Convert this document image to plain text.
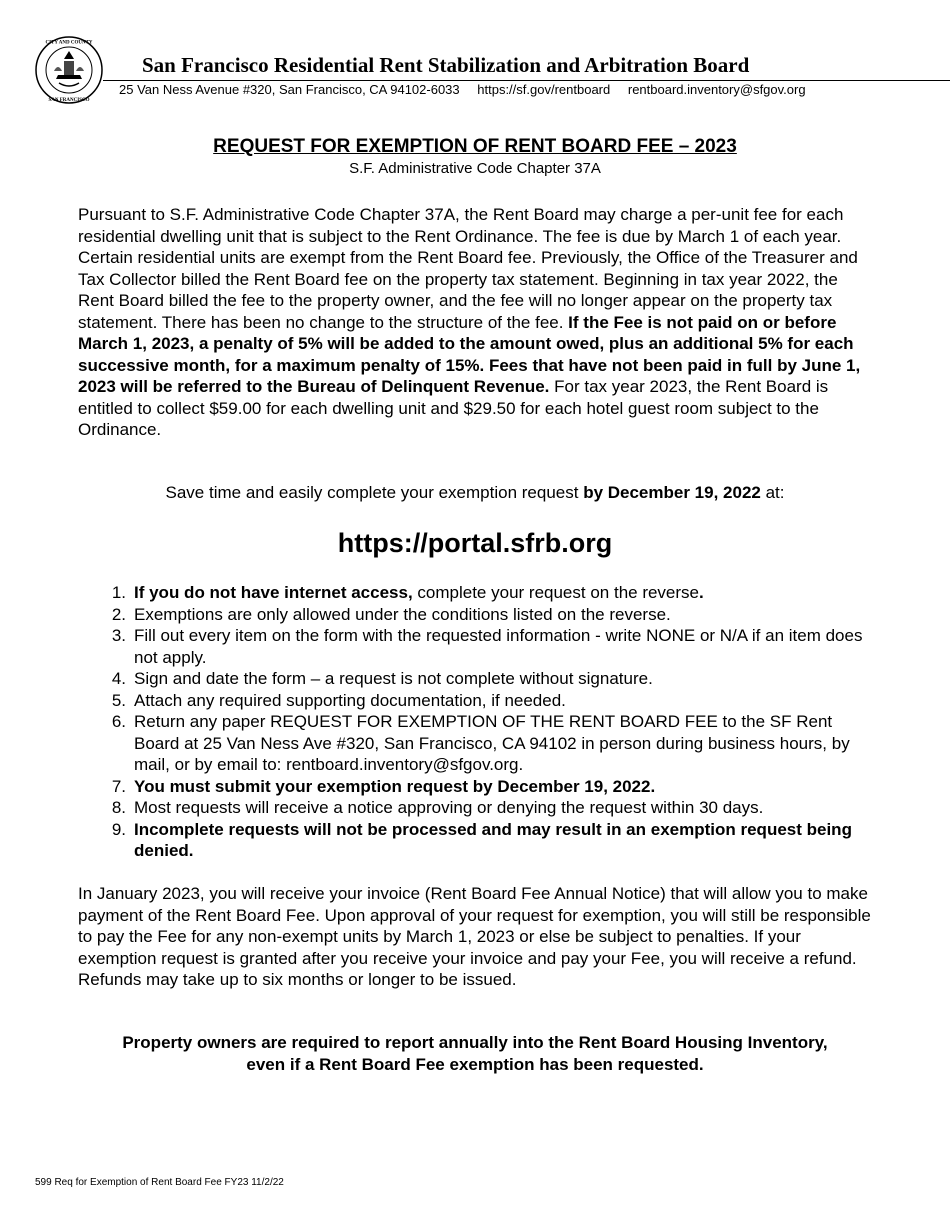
CITY AND COUNTY
SAN FRANCISCO
San Francisco Residential Rent Stabilization and Arbitration Board
25 Van Ness Avenue #320, San Francisco, CA 94102-6033 https://sf.gov/rentboard rentboard.inventory@sfgov.org
REQUEST FOR EXEMPTION OF RENT BOARD FEE – 2023
S.F. Administrative Code Chapter 37A

Pursuant to S.F. Administrative Code Chapter 37A, the Rent Board may charge a per-unit fee for each residential dwelling unit that is subject to the Rent Ordinance. The fee is due by March 1 of each year. Certain residential units are exempt from the Rent Board fee. Previously, the Office of the Treasurer and Tax Collector billed the Rent Board fee on the property tax statement. Beginning in tax year 2022, the Rent Board billed the fee to the property owner, and the fee will no longer appear on the property tax statement. There has been no change to the structure of the fee. If the Fee is not paid on or before March 1, 2023, a penalty of 5% will be added to the amount owed, plus an additional 5% for each successive month, for a maximum penalty of 15%. Fees that have not been paid in full by June 1, 2023 will be referred to the Bureau of Delinquent Revenue. For tax year 2023, the Rent Board is entitled to collect $59.00 for each dwelling unit and $29.50 for each hotel guest room subject to the Ordinance.

Save time and easily complete your exemption request by December 19, 2022 at:
https://portal.sfrb.org
1. If you do not have internet access, complete your request on the reverse.
2. Exemptions are only allowed under the conditions listed on the reverse.
3. Fill out every item on the form with the requested information - write NONE or N/A if an item does not apply.
4. Sign and date the form – a request is not complete without signature.
5. Attach any required supporting documentation, if needed.
6. Return any paper REQUEST FOR EXEMPTION OF THE RENT BOARD FEE to the SF Rent Board at 25 Van Ness Ave #320, San Francisco, CA 94102 in person during business hours, by mail, or by email to: rentboard.inventory@sfgov.org.
7. You must submit your exemption request by December 19, 2022.
8. Most requests will receive a notice approving or denying the request within 30 days.
9. Incomplete requests will not be processed and may result in an exemption request being denied.

In January 2023, you will receive your invoice (Rent Board Fee Annual Notice) that will allow you to make payment of the Rent Board Fee. Upon approval of your request for exemption, you will still be responsible to pay the Fee for any non-exempt units by March 1, 2023 or else be subject to penalties. If your exemption request is granted after you receive your invoice and pay your Fee, you will receive a refund. Refunds may take up to six months or longer to be issued.

Property owners are required to report annually into the Rent Board Housing Inventory,
even if a Rent Board Fee exemption has been requested.

599 Req for Exemption of Rent Board Fee FY23 11/2/22
